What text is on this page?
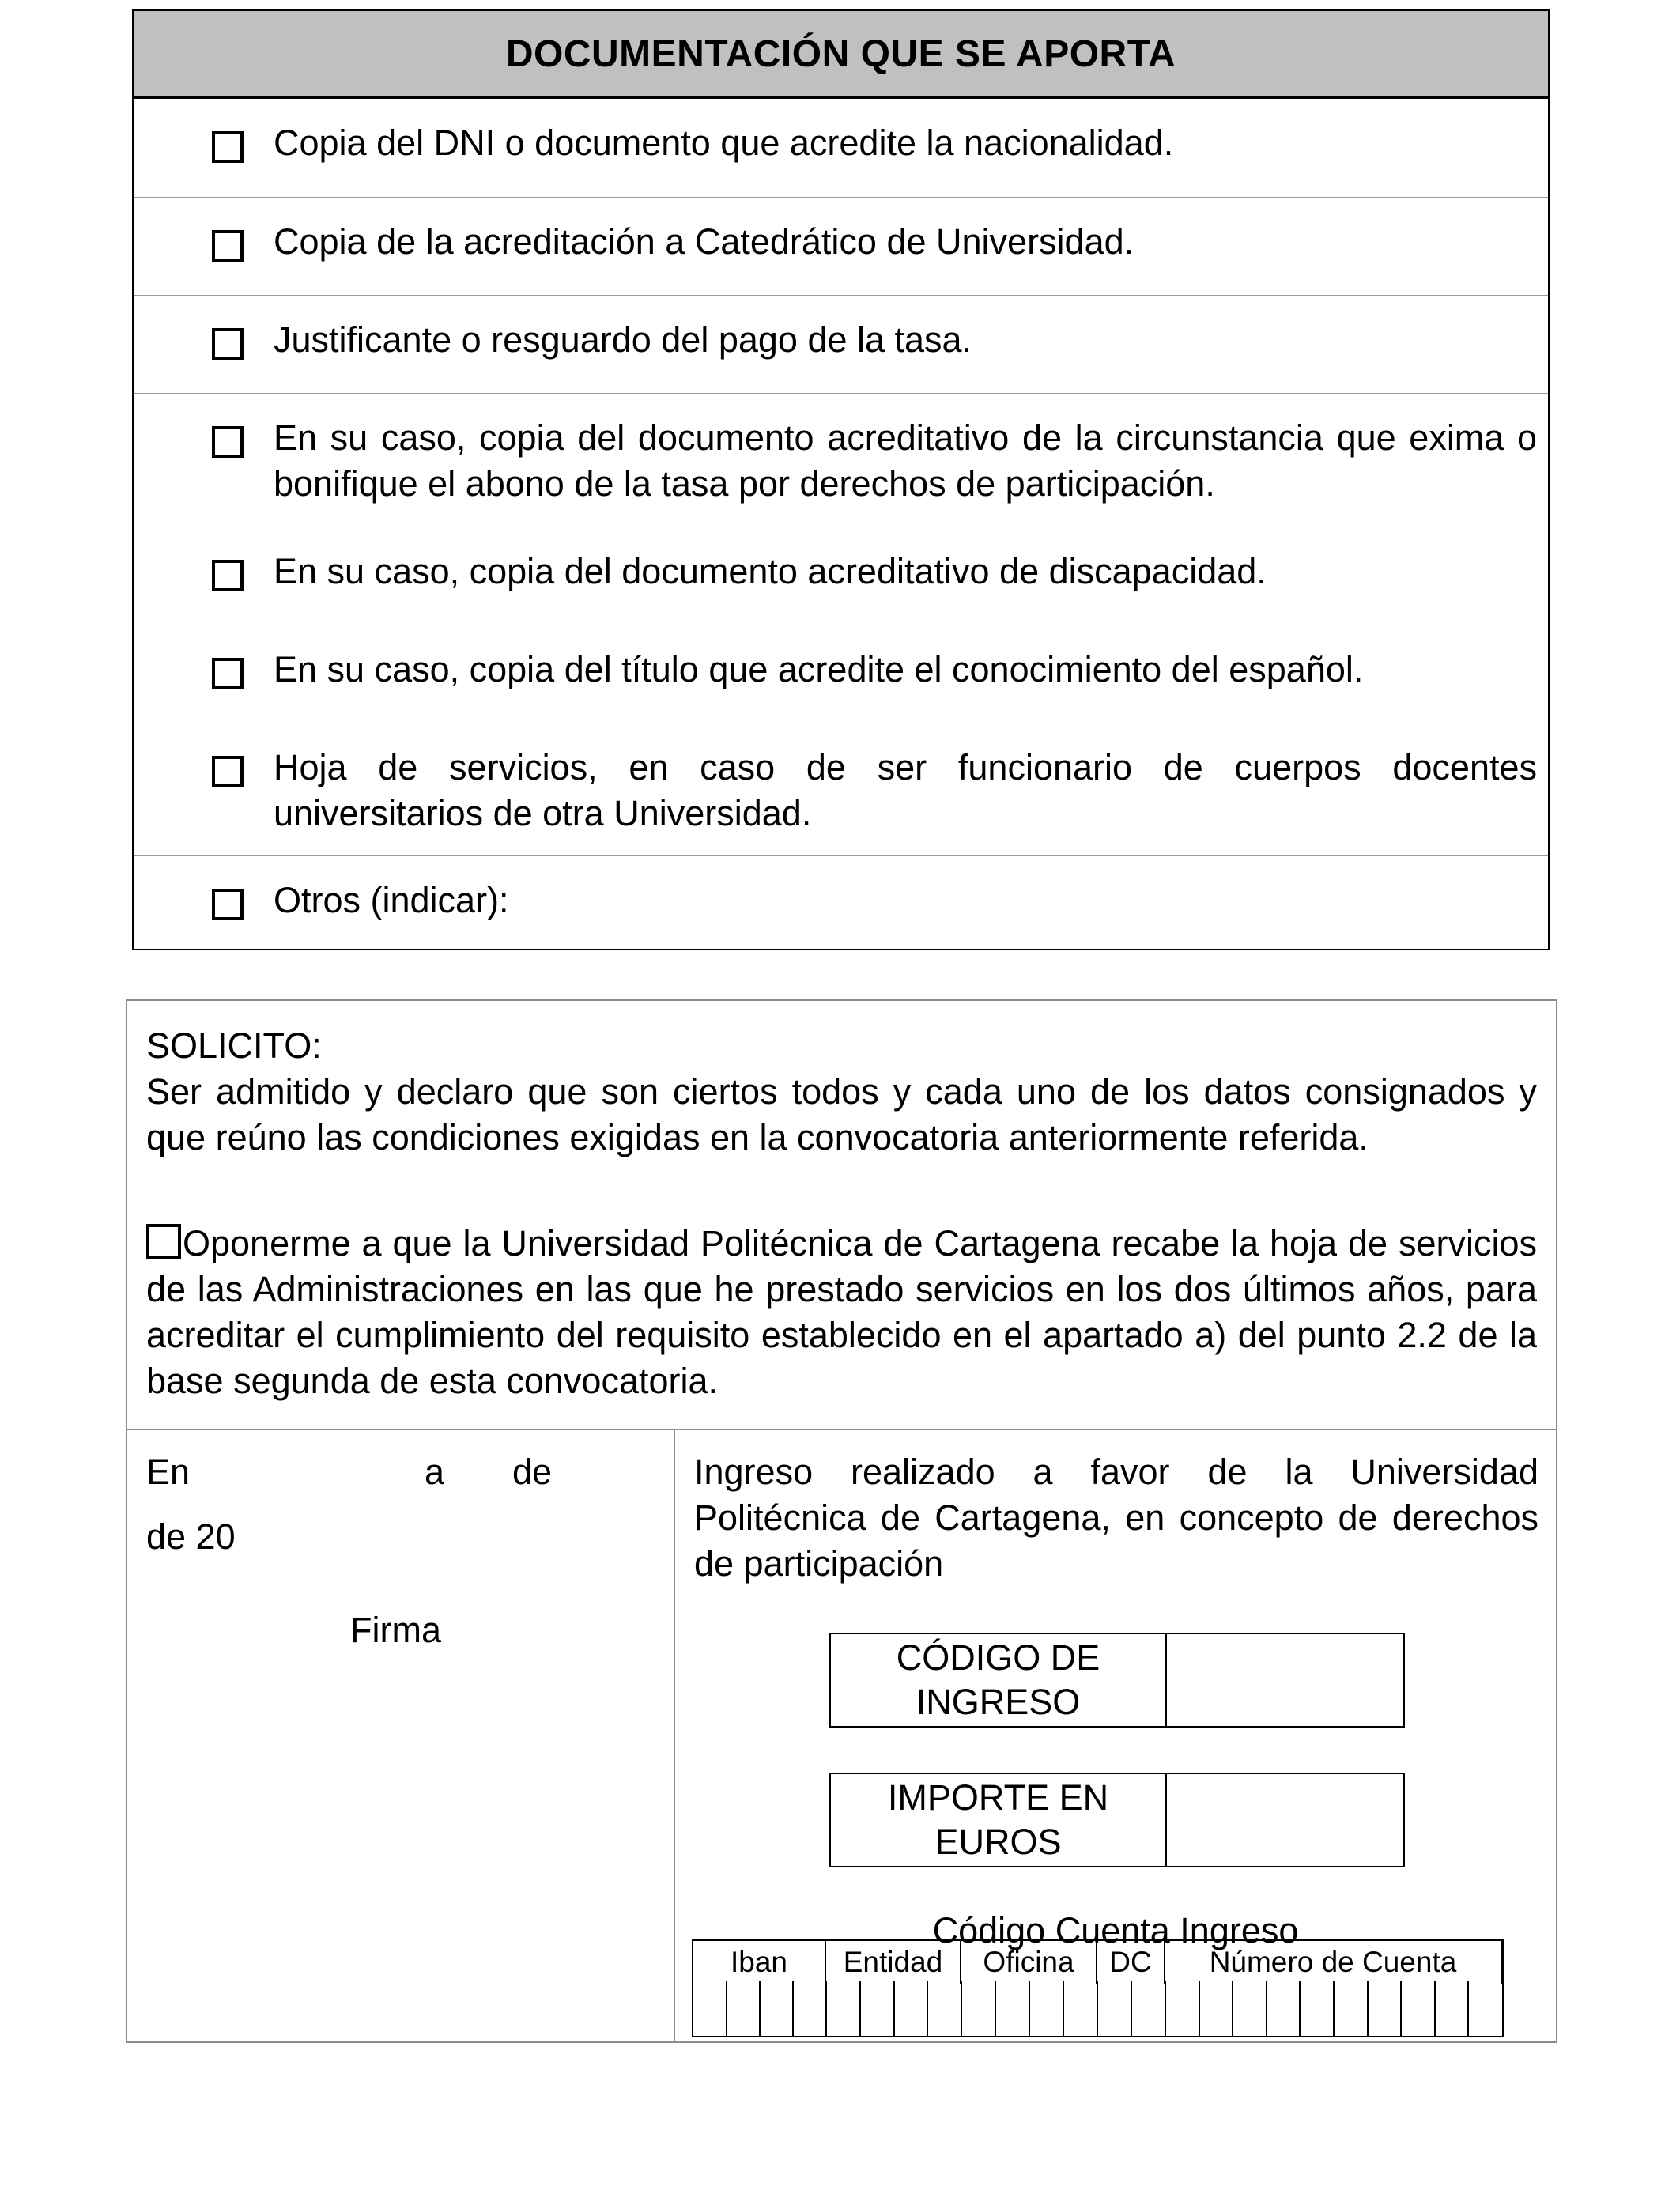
DOCUMENTACIÓN QUE SE APORTA
Copia del DNI o documento que acredite la nacionalidad.
Copia de la acreditación a Catedrático de Universidad.
Justificante o resguardo del pago de la tasa.
En su caso, copia del documento acreditativo de la circunstancia que exima o bonifique el abono de la tasa por derechos de participación.
En su caso, copia del documento acreditativo de discapacidad.
En su caso, copia del título que acredite el conocimiento del español.
Hoja de servicios, en caso de ser funcionario de cuerpos docentes universitarios de otra Universidad.
Otros (indicar):
SOLICITO:
Ser admitido y declaro que son ciertos todos y cada uno de los datos consignados y que reúno las condiciones exigidas en la convocatoria anteriormente referida.
Oponerme a que la Universidad Politécnica de Cartagena recabe la hoja de servicios de las Administraciones en las que he prestado servicios en los dos últimos años, para acreditar el cumplimiento del requisito establecido en el apartado a) del punto 2.2 de la base segunda de esta convocatoria.
En	a de
de 20
Firma
Ingreso realizado a favor de la Universidad Politécnica de Cartagena, en concepto de derechos de participación
CÓDIGO DE INGRESO
IMPORTE EN EUROS
Código Cuenta Ingreso
Iban	Entidad	Oficina	DC	Número de Cuenta
